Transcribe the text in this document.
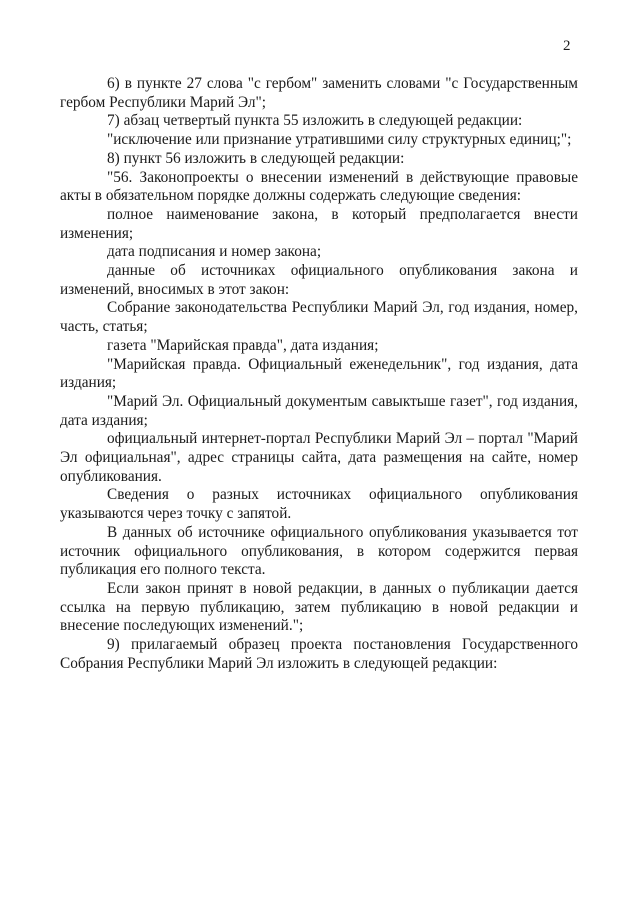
2

6) в пункте 27 слова "с гербом" заменить словами "с Государственным гербом Республики Марий Эл";

7) абзац четвертый пункта 55 изложить в следующей редакции:

"исключение или признание утратившими силу структурных единиц;";

8) пункт 56 изложить в следующей редакции:

"56. Законопроекты о внесении изменений в действующие правовые акты в обязательном порядке должны содержать следующие сведения:

полное наименование закона, в который предполагается внести изменения;

дата подписания и номер закона;

данные об источниках официального опубликования закона и изменений, вносимых в этот закон:

Собрание законодательства Республики Марий Эл, год издания, номер, часть, статья;

газета "Марийская правда", дата издания;

"Марийская правда. Официальный еженедельник", год издания, дата издания;

"Марий Эл. Официальный документым савыктыше газет", год издания, дата издания;

официальный интернет-портал Республики Марий Эл – портал "Марий Эл официальная", адрес страницы сайта, дата размещения на сайте, номер опубликования.

Сведения о разных источниках официального опубликования указываются через точку с запятой.

В данных об источнике официального опубликования указывается тот источник официального опубликования, в котором содержится первая публикация его полного текста.

Если закон принят в новой редакции, в данных о публикации дается ссылка на первую публикацию, затем публикацию в новой редакции и внесение последующих изменений.";

9) прилагаемый образец проекта постановления Государственного Собрания Республики Марий Эл изложить в следующей редакции:
